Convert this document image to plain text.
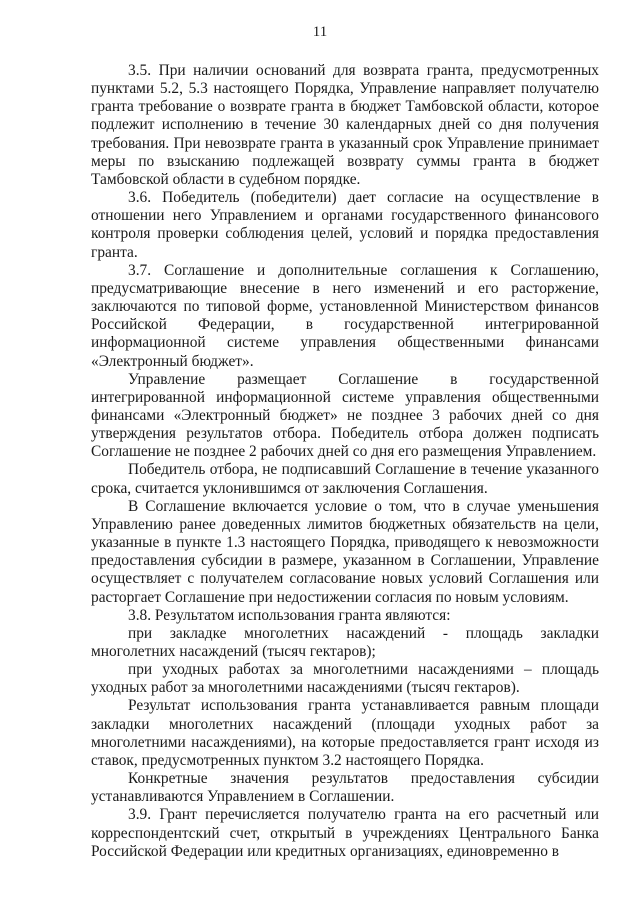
11

3.5. При наличии оснований для возврата гранта, предусмотренных пунктами 5.2, 5.3 настоящего Порядка, Управление направляет получателю гранта требование о возврате гранта в бюджет Тамбовской области, которое подлежит исполнению в течение 30 календарных дней со дня получения требования. При невозврате гранта в указанный срок Управление принимает меры по взысканию подлежащей возврату суммы гранта в бюджет Тамбовской области в судебном порядке.

3.6. Победитель (победители) дает согласие на осуществление в отношении него Управлением и органами государственного финансового контроля проверки соблюдения целей, условий и порядка предоставления гранта.

3.7. Соглашение и дополнительные соглашения к Соглашению, предусматривающие внесение в него изменений и его расторжение, заключаются по типовой форме, установленной Министерством финансов Российской Федерации, в государственной интегрированной информационной системе управления общественными финансами «Электронный бюджет».

Управление размещает Соглашение в государственной интегрированной информационной системе управления общественными финансами «Электронный бюджет» не позднее 3 рабочих дней со дня утверждения результатов отбора. Победитель отбора должен подписать Соглашение не позднее 2 рабочих дней со дня его размещения Управлением.

Победитель отбора, не подписавший Соглашение в течение указанного срока, считается уклонившимся от заключения Соглашения.

В Соглашение включается условие о том, что в случае уменьшения Управлению ранее доведенных лимитов бюджетных обязательств на цели, указанные в пункте 1.3 настоящего Порядка, приводящего к невозможности предоставления субсидии в размере, указанном в Соглашении, Управление осуществляет с получателем согласование новых условий Соглашения или расторгает Соглашение при недостижении согласия по новым условиям.

3.8. Результатом использования гранта являются:

при закладке многолетних насаждений - площадь закладки многолетних насаждений (тысяч гектаров);

при уходных работах за многолетними насаждениями – площадь уходных работ за многолетними насаждениями (тысяч гектаров).

Результат использования гранта устанавливается равным площади закладки многолетних насаждений (площади уходных работ за многолетними насаждениями), на которые предоставляется грант исходя из ставок, предусмотренных пунктом 3.2 настоящего Порядка.

Конкретные значения результатов предоставления субсидии устанавливаются Управлением в Соглашении.

3.9. Грант перечисляется получателю гранта на его расчетный или корреспондентский счет, открытый в учреждениях Центрального Банка Российской Федерации или кредитных организациях, единовременно в
